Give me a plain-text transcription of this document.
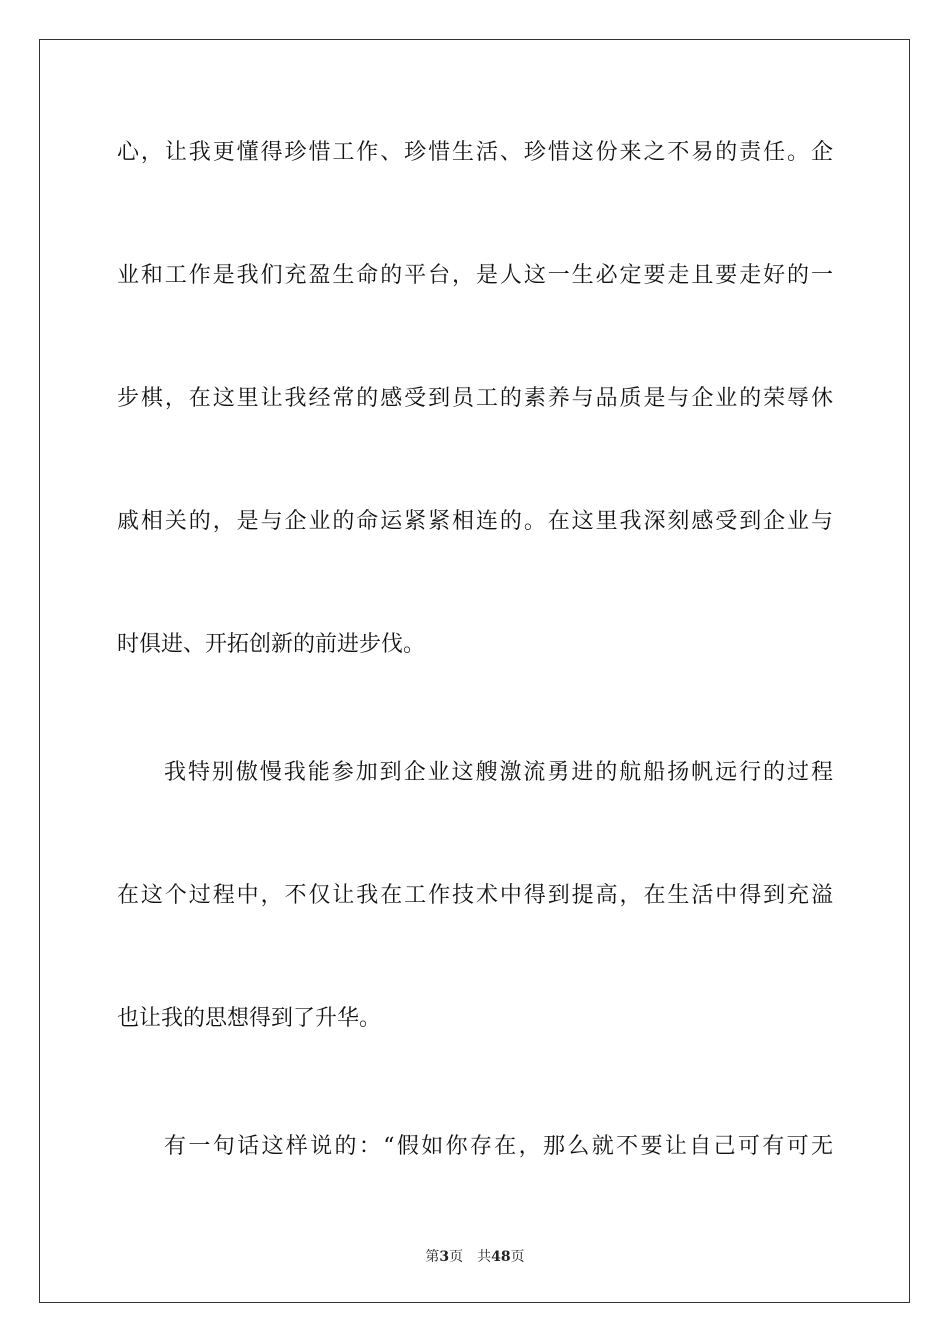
心，让我更懂得珍惜工作、珍惜生活、珍惜这份来之不易的责任。企
业和工作是我们充盈生命的平台，是人这一生必定要走且要走好的一
步棋，在这里让我经常的感受到员工的素养与品质是与企业的荣辱休
戚相关的，是与企业的命运紧紧相连的。在这里我深刻感受到企业与
时俱进、开拓创新的前进步伐。
我特别傲慢我能参加到企业这艘激流勇进的航船扬帆远行的过程
在这个过程中，不仅让我在工作技术中得到提高，在生活中得到充溢
也让我的思想得到了升华。
有一句话这样说的：“假如你存在，那么就不要让自己可有可无
第3页 共48页
